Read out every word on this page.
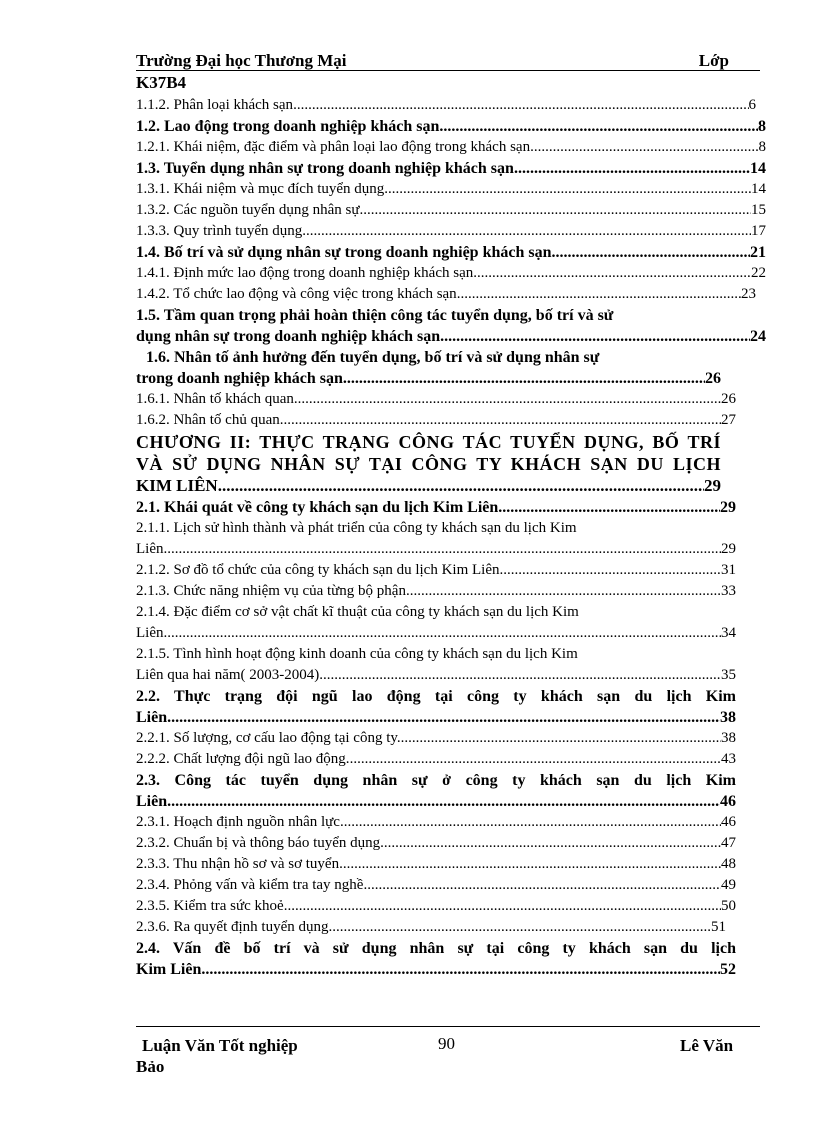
Trường Đại học Thương Mại	Lớp
K37B4
1.1.2. Phân loại khách sạn .....	6
1.2. Lao động trong doanh nghiệp khách sạn .....	8
1.2.1. Khái niệm, đặc điểm và phân loại lao động trong khách sạn .....	8
1.3. Tuyển dụng nhân sự trong doanh nghiệp khách sạn .....	14
1.3.1. Khái niệm và mục đích tuyển dụng .....	14
1.3.2. Các nguồn tuyển dụng nhân sự .....	15
1.3.3. Quy trình tuyển dụng .....	17
1.4. Bố trí và sử dụng nhân sự trong doanh nghiệp khách sạn .....	21
1.4.1. Định mức lao động trong doanh nghiệp khách sạn .....	22
1.4.2. Tổ chức lao động và công việc trong khách sạn .....	23
1.5. Tầm quan trọng phải hoàn thiện công tác tuyển dụng, bố trí và sử
dụng nhân sự trong doanh nghiệp khách sạn .....	24
1.6. Nhân tố ảnh hưởng đến tuyển dụng, bố trí và sử dụng nhân sự
trong doanh nghiệp khách sạn .....	26
1.6.1. Nhân tố khách quan .....	26
1.6.2. Nhân tố chủ quan .....	27
CHƯƠNG II: THỰC TRẠNG CÔNG TÁC TUYỂN DỤNG, BỐ TRÍ
VÀ SỬ DỤNG NHÂN SỰ TẠI CÔNG TY KHÁCH SẠN DU LỊCH
KIM LIÊN .....	29
2.1. Khái quát về công ty khách sạn du lịch Kim Liên .....	29
2.1.1. Lịch sử hình thành và phát triển của công ty khách sạn du lịch Kim
Liên .....	29
2.1.2. Sơ đồ tổ chức của công ty khách sạn du lịch Kim Liên .....	31
2.1.3. Chức năng nhiệm vụ của từng bộ phận .....	33
2.1.4. Đặc điểm cơ sở vật chất kĩ thuật của công ty khách sạn du lịch Kim
Liên .....	34
2.1.5. Tình hình hoạt động kinh doanh của công ty khách sạn du lịch Kim
Liên qua hai năm( 2003-2004) .....	35
2.2. Thực trạng đội ngũ lao động tại công ty khách sạn du lịch Kim
Liên. .....	38
2.2.1. Số lượng, cơ cấu lao động tại công ty. .....	38
2.2.2. Chất lượng đội ngũ lao động. .....	43
2.3. Công tác tuyển dụng nhân sự ở công ty khách sạn du lịch Kim
Liên. .....	46
2.3.1. Hoạch định nguồn nhân lực .....	46
2.3.2. Chuẩn bị và thông báo tuyển dụng .....	47
2.3.3. Thu nhận hồ sơ và sơ tuyển .....	48
2.3.4. Phỏng vấn và kiểm tra tay nghề .....	49
2.3.5. Kiểm tra sức khoẻ .....	50
2.3.6. Ra quyết định tuyển dụng .....	51
2.4. Vấn đề bố trí và sử dụng nhân sự tại công ty khách sạn du lịch
Kim Liên. .....	52
Luận Văn Tốt nghiệp	90	Lê Văn
Bảo
